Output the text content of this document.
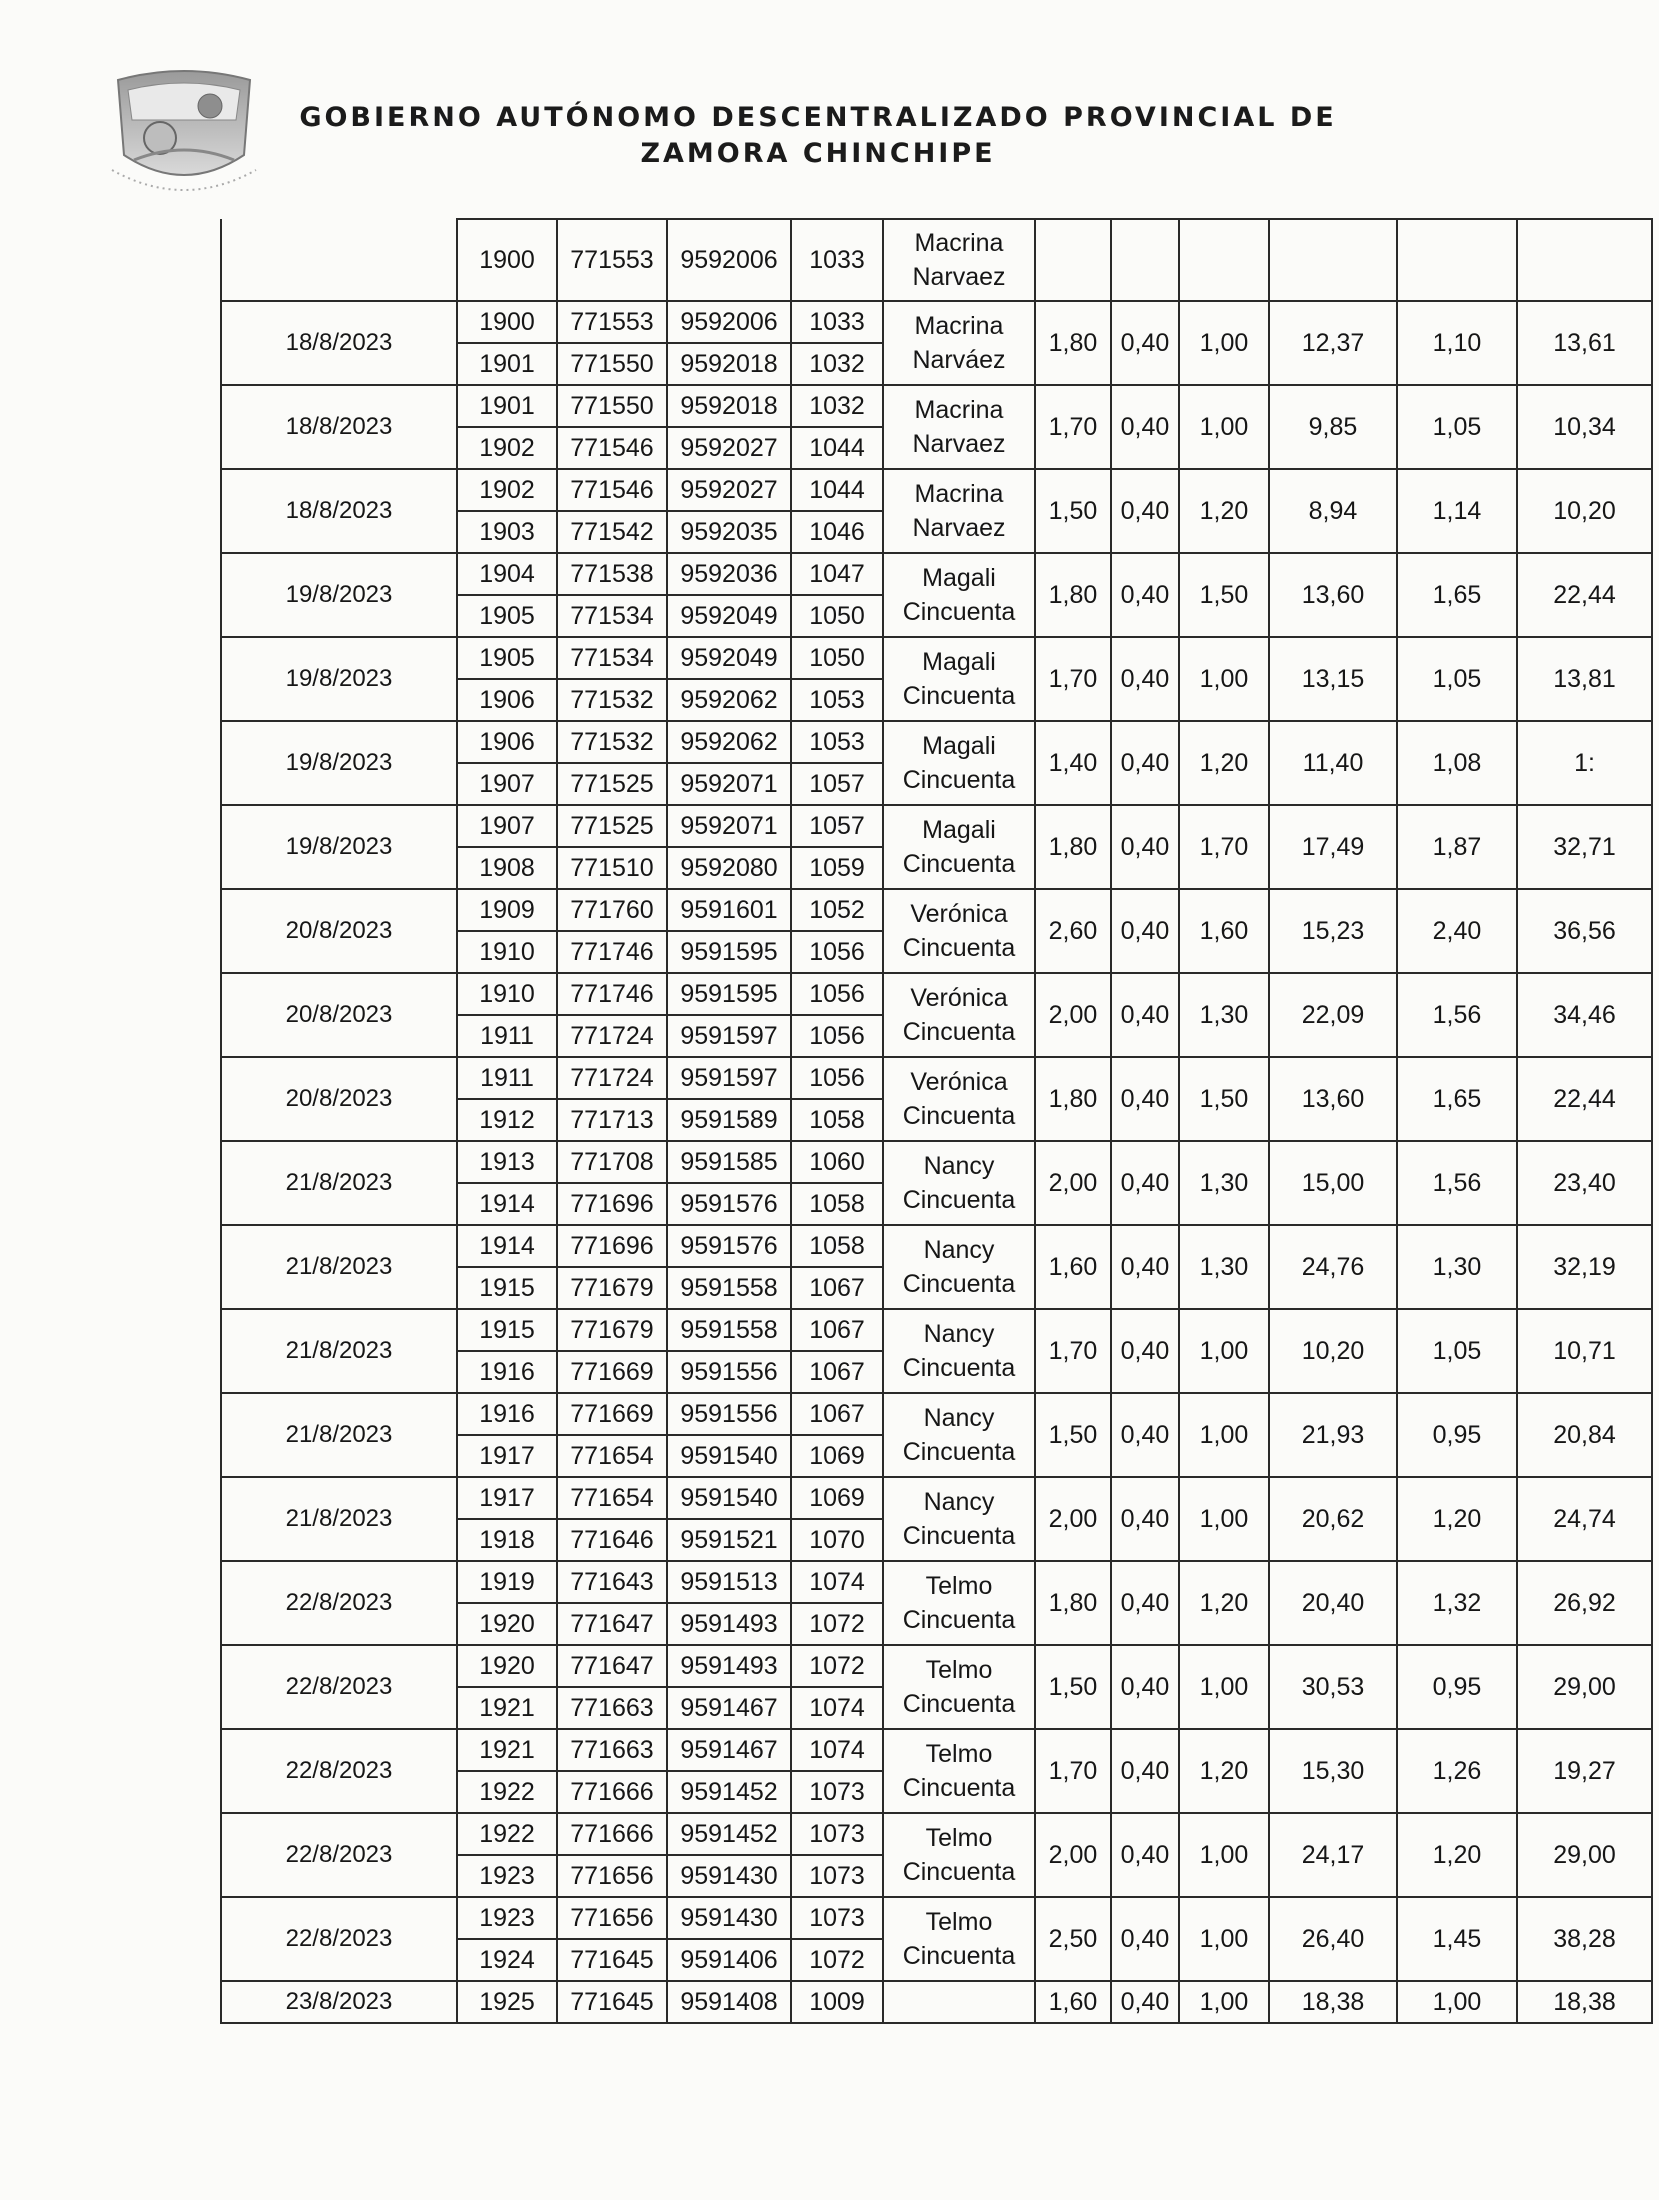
GOBIERNO AUTÓNOMO DESCENTRALIZADO PROVINCIAL DE
ZAMORA CHINCHIPE
	1900	771553	9592006	1033	Macrina Narvaez						
18/8/2023	1900	771553	9592006	1033	Macrina Narváez	1,80	0,40	1,00	12,37	1,10	13,61
	1901	771550	9592018	1032							
18/8/2023	1901	771550	9592018	1032	Macrina Narvaez	1,70	0,40	1,00	9,85	1,05	10,34
	1902	771546	9592027	1044							
18/8/2023	1902	771546	9592027	1044	Macrina Narvaez	1,50	0,40	1,20	8,94	1,14	10,20
	1903	771542	9592035	1046							
19/8/2023	1904	771538	9592036	1047	Magali Cincuenta	1,80	0,40	1,50	13,60	1,65	22,44
	1905	771534	9592049	1050							
19/8/2023	1905	771534	9592049	1050	Magali Cincuenta	1,70	0,40	1,00	13,15	1,05	13,81
	1906	771532	9592062	1053							
19/8/2023	1906	771532	9592062	1053	Magali Cincuenta	1,40	0,40	1,20	11,40	1,08	1:
	1907	771525	9592071	1057							
19/8/2023	1907	771525	9592071	1057	Magali Cincuenta	1,80	0,40	1,70	17,49	1,87	32,71
	1908	771510	9592080	1059							
20/8/2023	1909	771760	9591601	1052	Verónica Cincuenta	2,60	0,40	1,60	15,23	2,40	36,56
	1910	771746	9591595	1056							
20/8/2023	1910	771746	9591595	1056	Verónica Cincuenta	2,00	0,40	1,30	22,09	1,56	34,46
	1911	771724	9591597	1056							
20/8/2023	1911	771724	9591597	1056	Verónica Cincuenta	1,80	0,40	1,50	13,60	1,65	22,44
	1912	771713	9591589	1058							
21/8/2023	1913	771708	9591585	1060	Nancy Cincuenta	2,00	0,40	1,30	15,00	1,56	23,40
	1914	771696	9591576	1058							
21/8/2023	1914	771696	9591576	1058	Nancy Cincuenta	1,60	0,40	1,30	24,76	1,30	32,19
	1915	771679	9591558	1067							
21/8/2023	1915	771679	9591558	1067	Nancy Cincuenta	1,70	0,40	1,00	10,20	1,05	10,71
	1916	771669	9591556	1067							
21/8/2023	1916	771669	9591556	1067	Nancy Cincuenta	1,50	0,40	1,00	21,93	0,95	20,84
	1917	771654	9591540	1069							
21/8/2023	1917	771654	9591540	1069	Nancy Cincuenta	2,00	0,40	1,00	20,62	1,20	24,74
	1918	771646	9591521	1070							
22/8/2023	1919	771643	9591513	1074	Telmo Cincuenta	1,80	0,40	1,20	20,40	1,32	26,92
	1920	771647	9591493	1072							
22/8/2023	1920	771647	9591493	1072	Telmo Cincuenta	1,50	0,40	1,00	30,53	0,95	29,00
	1921	771663	9591467	1074							
22/8/2023	1921	771663	9591467	1074	Telmo Cincuenta	1,70	0,40	1,20	15,30	1,26	19,27
	1922	771666	9591452	1073							
22/8/2023	1922	771666	9591452	1073	Telmo Cincuenta	2,00	0,40	1,00	24,17	1,20	29,00
	1923	771656	9591430	1073							
22/8/2023	1923	771656	9591430	1073	Telmo Cincuenta	2,50	0,40	1,00	26,40	1,45	38,28
	1924	771645	9591406	1072							
23/8/2023	1925	771645	9591408	1009		1,60	0,40	1,00	18,38	1,00	18,38
